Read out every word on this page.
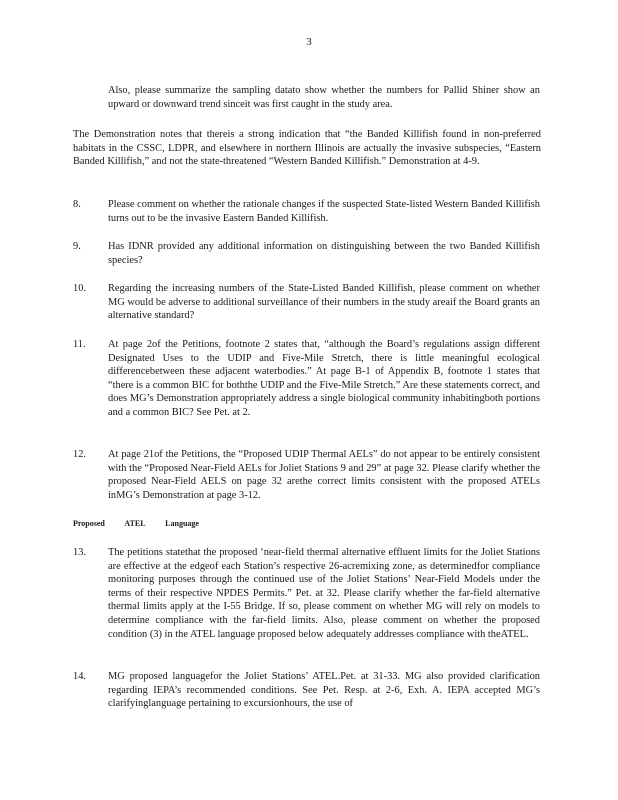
3

Also, please summarize the sampling datato show whether the numbers for Pallid Shiner show an upward or downward trend sinceit was first caught in the study area.

The Demonstration notes that thereis a strong indication that “the Banded Killifish found in non-preferred habitats in the CSSC, LDPR, and elsewhere in northern Illinois are actually the invasive subspecies, “Eastern Banded Killifish,” and not the state-threatened “Western Banded Killifish.” Demonstration at 4-9.

8.	Please comment on whether the rationale changes if the suspected State-listed Western Banded Killifish turns out to be the invasive Eastern Banded Killifish.

9.	Has IDNR provided any additional information on distinguishing between the two Banded Killifish species?

10. Regarding the increasing numbers of the State-Listed Banded Killifish, please comment on whether MG would be adverse to additional surveillance of their numbers in the study areaif the Board grants an alternative standard?

11. At page 2of the Petitions, footnote 2 states that, “although the Board’s regulations assign different Designated Uses to the UDIP and Five-Mile Stretch, there is little meaningful ecological differencebetween these adjacent waterbodies.” At page B-1 of Appendix B, footnote 1 states that “there is a common BIC for boththe UDIP and the Five-Mile Stretch.” Are these statements correct, and does MG’s Demonstration appropriately address a single biological community inhabitingboth portions and a common BIC? See Pet. at 2.

12. At page 21of the Petitions, the “Proposed UDIP Thermal AELs” do not appear to be entirely consistent with the “Proposed Near-Field AELs for Joliet Stations 9 and 29” at page 32. Please clarify whether the proposed Near-Field AELS on page 32 arethe correct limits consistent with the proposed ATELs inMG’s Demonstration at page 3-12.

Proposed ATEL Language
13. The petitions statethat the proposed ‘near-field thermal alternative effluent limits for the Joliet Stations are effective at the edgeof each Station’s respective 26-acremixing zone, as determinedfor compliance monitoring purposes through the continued use of the Joliet Stations’ Near-Field Models under the terms of their respective NPDES Permits.” Pet. at 32. Please clarify whether the far-field alternative thermal limits apply at the I-55 Bridge. If so, please comment on whether MG will rely on models to determine compliance with the far-field limits. Also, please comment on whether the proposed condition (3) in the ATEL language proposed below adequately addresses compliance with theATEL.

14. MG proposed languagefor the Joliet Stations’ ATEL.Pet. at 31-33. MG also provided clarification regarding IEPA’s recommended conditions. See Pet. Resp. at 2-6, Exh. A. IEPA accepted MG’s clarifyinglanguage pertaining to excursionhours, the use of
